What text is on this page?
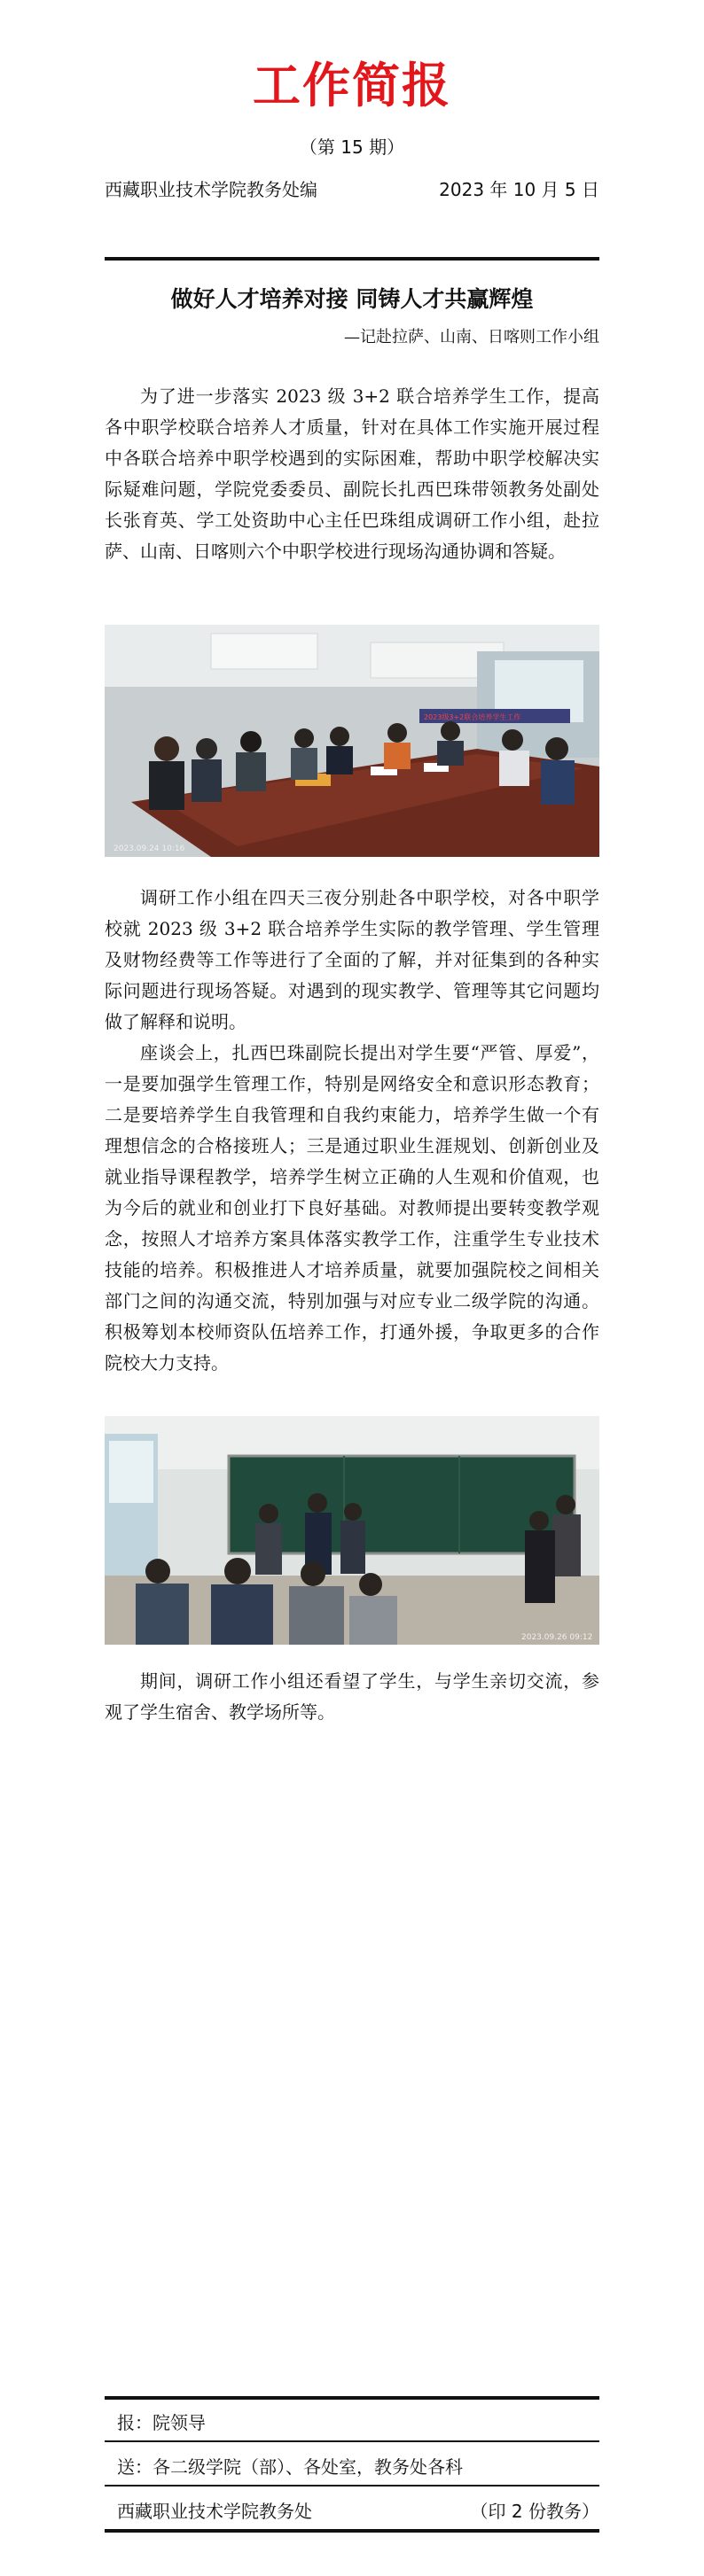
工作简报
（第 15 期）
西藏职业技术学院教务处编	2023 年 10 月 5 日
做好人才培养对接 同铸人才共赢辉煌
—记赴拉萨、山南、日喀则工作小组

为了进一步落实 2023 级 3+2 联合培养学生工作，提高各中职学校联合培养人才质量，针对在具体工作实施开展过程中各联合培养中职学校遇到的实际困难，帮助中职学校解决实际疑难问题，学院党委委员、副院长扎西巴珠带领教务处副处长张育英、学工处资助中心主任巴珠组成调研工作小组，赴拉萨、山南、日喀则六个中职学校进行现场沟通协调和答疑。

2023级3+2联合培养学生工作
2023.09.24 10:16

调研工作小组在四天三夜分别赴各中职学校，对各中职学校就 2023 级 3+2 联合培养学生实际的教学管理、学生管理及财物经费等工作等进行了全面的了解，并对征集到的各种实际问题进行现场答疑。对遇到的现实教学、管理等其它问题均做了解释和说明。

座谈会上，扎西巴珠副院长提出对学生要“严管、厚爱”，一是要加强学生管理工作，特别是网络安全和意识形态教育；二是要培养学生自我管理和自我约束能力，培养学生做一个有理想信念的合格接班人；三是通过职业生涯规划、创新创业及就业指导课程教学，培养学生树立正确的人生观和价值观，也为今后的就业和创业打下良好基础。对教师提出要转变教学观念，按照人才培养方案具体落实教学工作，注重学生专业技术技能的培养。积极推进人才培养质量，就要加强院校之间相关部门之间的沟通交流，特别加强与对应专业二级学院的沟通。积极筹划本校师资队伍培养工作，打通外援，争取更多的合作院校大力支持。

2023.09.26 09:12

期间，调研工作小组还看望了学生，与学生亲切交流，参观了学生宿舍、教学场所等。

报：院领导
送：各二级学院（部）、各处室，教务处各科
西藏职业技术学院教务处	（印 2 份教务）
